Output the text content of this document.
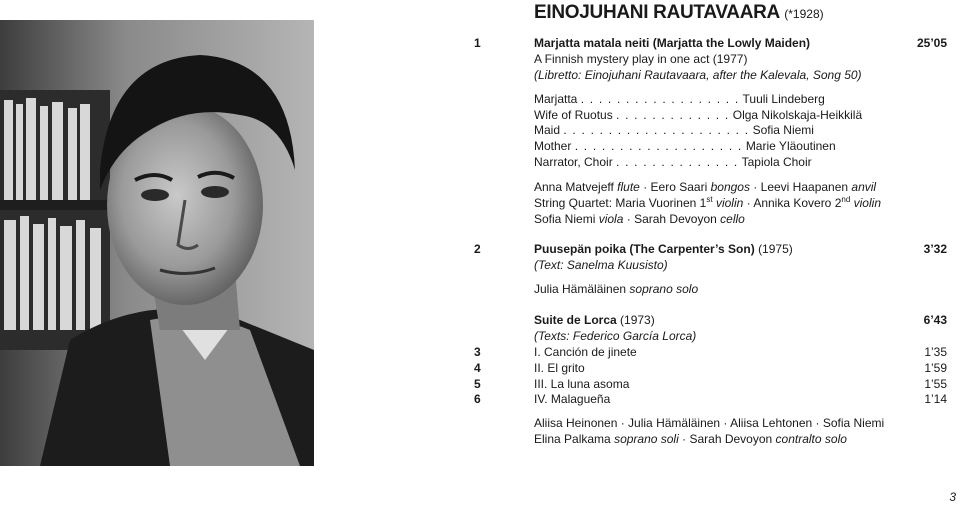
EINOJUHANI RAUTAVAARA (*1928)
1	Marjatta matala neiti (Marjatta the Lowly Maiden)	25’05
A Finnish mystery play in one act (1977)
(Libretto: Einojuhani Rautavaara, after the Kalevala, Song 50)
Marjatta . . . . . . . . . . . . . . . . . . Tuuli Lindeberg
Wife of Ruotus . . . . . . . . . . . . . Olga Nikolskaja-Heikkilä
Maid . . . . . . . . . . . . . . . . . . . . . Sofia Niemi
Mother . . . . . . . . . . . . . . . . . . . Marie Yläoutinen
Narrator, Choir . . . . . . . . . . . . . . Tapiola Choir
Anna Matvejeff flute · Eero Saari bongos · Leevi Haapanen anvil
String Quartet: Maria Vuorinen 1st violin · Annika Kovero 2nd violin
Sofia Niemi viola · Sarah Devoyon cello
2	Puusepän poika (The Carpenter’s Son) (1975)	3’32
(Text: Sanelma Kuusisto)
Julia Hämäläinen soprano solo
Suite de Lorca (1973)	6’43
(Texts: Federico García Lorca)
3	I. Canción de jinete	1’35
4	II. El grito	1’59
5	III. La luna asoma	1’55
6	IV. Malagueña	1’14
Aliisa Heinonen · Julia Hämäläinen · Aliisa Lehtonen · Sofia Niemi
Elina Palkama soprano soli · Sarah Devoyon contralto solo
3
